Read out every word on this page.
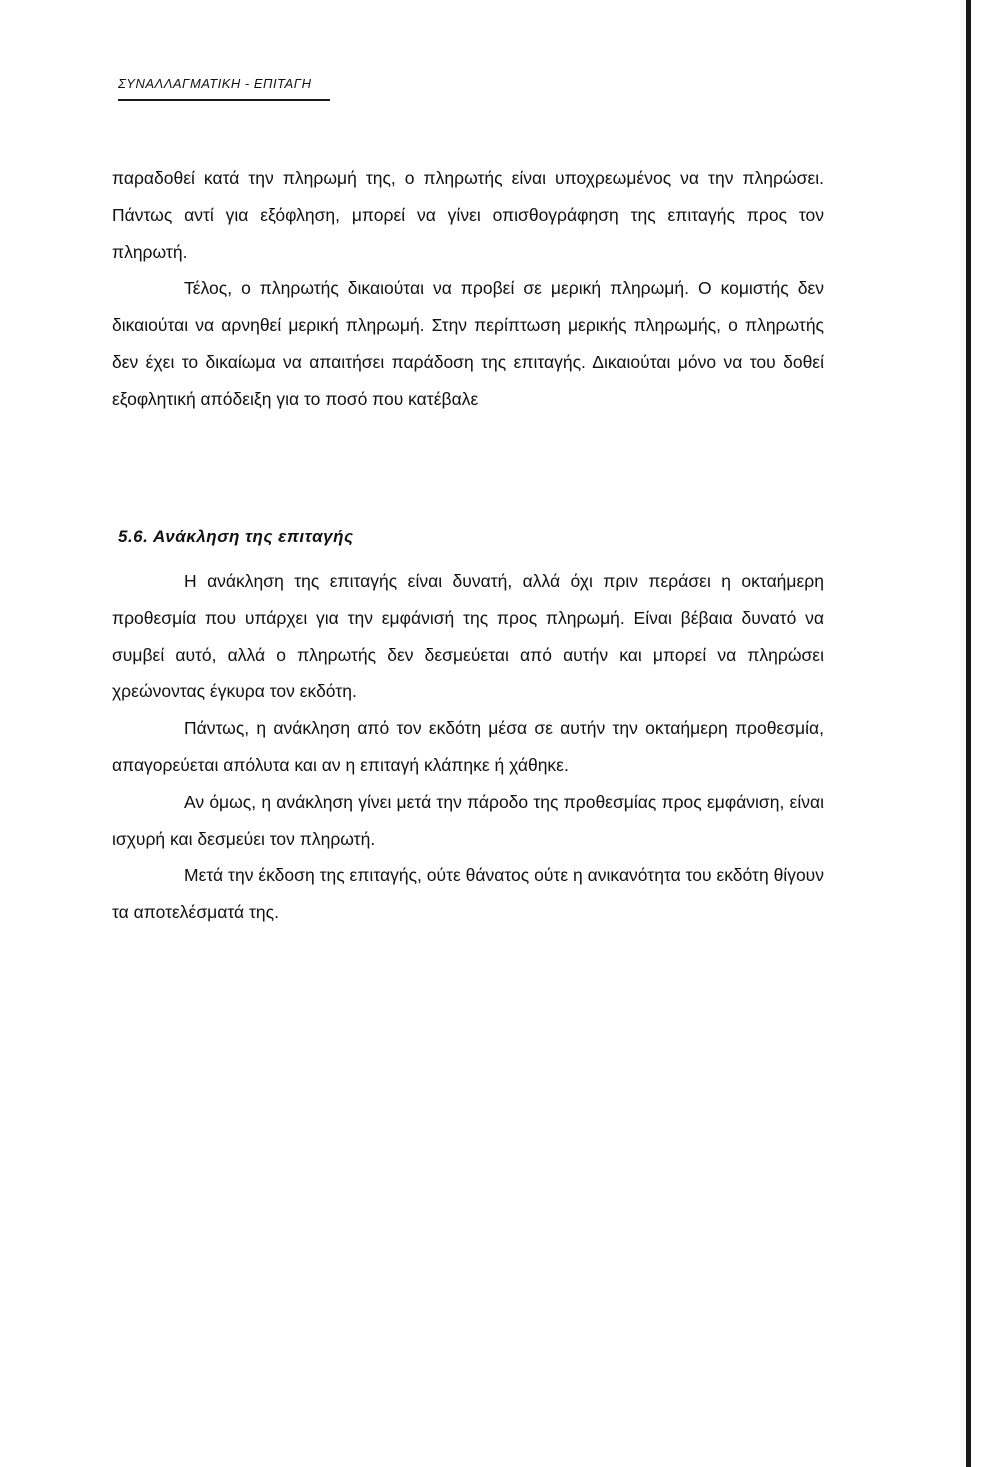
ΣΥΝΑΛΛΑΓΜΑΤΙΚΗ - ΕΠΙΤΑΓΗ

παραδοθεί κατά την πληρωμή της, ο πληρωτής είναι υποχρεωμένος να την πληρώσει. Πάντως αντί για εξόφληση, μπορεί να γίνει οπισθογράφηση της επιταγής προς τον πληρωτή.

Τέλος, ο πληρωτής δικαιούται να προβεί σε μερική πληρωμή. Ο κομιστής δεν δικαιούται να αρνηθεί μερική πληρωμή. Στην περίπτωση μερικής πληρωμής, ο πληρωτής δεν έχει το δικαίωμα να απαιτήσει παράδοση της επιταγής. Δικαιούται μόνο να του δοθεί εξοφλητική απόδειξη για το ποσό που κατέβαλε

5.6. Ανάκληση της επιταγής

Η ανάκληση της επιταγής είναι δυνατή, αλλά όχι πριν περάσει η οκταήμερη προθεσμία που υπάρχει για την εμφάνισή της προς πληρωμή. Είναι βέβαια δυνατό να συμβεί αυτό, αλλά ο πληρωτής δεν δεσμεύεται από αυτήν και μπορεί να πληρώσει χρεώνοντας έγκυρα τον εκδότη.

Πάντως, η ανάκληση από τον εκδότη μέσα σε αυτήν την οκταήμερη προθεσμία, απαγορεύεται απόλυτα και αν η επιταγή κλάπηκε ή χάθηκε.

Αν όμως, η ανάκληση γίνει μετά την πάροδο της προθεσμίας προς εμφάνιση, είναι ισχυρή και δεσμεύει τον πληρωτή.

Μετά την έκδοση της επιταγής, ούτε θάνατος ούτε η ανικανότητα του εκδότη θίγουν τα αποτελέσματά της.
